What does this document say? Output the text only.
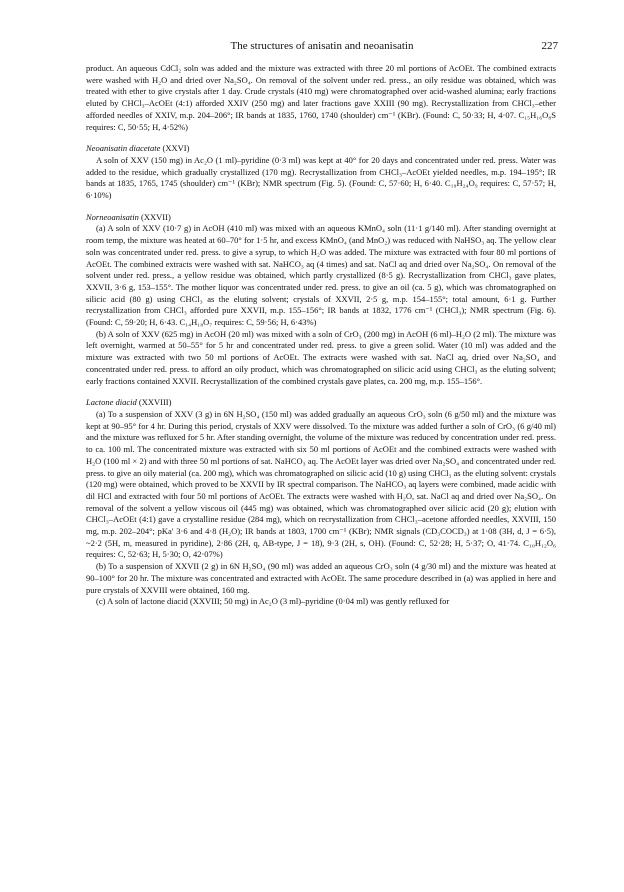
The structures of anisatin and neoanisatin	227

product. An aqueous CdCl₂ soln was added and the mixture was extracted with three 20 ml portions of AcOEt. The combined extracts were washed with H₂O and dried over Na₂SO₄. On removal of the solvent under red. press., an oily residue was obtained, which was treated with ether to give crystals after 1 day. Crude crystals (410 mg) were chromatographed over acid-washed alumina; early fractions eluted by CHCl₃–AcOEt (4:1) afforded XXIV (250 mg) and later fractions gave XXIII (90 mg). Recrystallization from CHCl₃–ether afforded needles of XXIV, m.p. 204–206°; IR bands at 1835, 1760, 1740 (shoulder) cm⁻¹ (KBr). (Found: C, 50·33; H, 4·07. C₁₅H₁₆O₈S requires: C, 50·55; H, 4·52%)

Neoanisatin diacetate (XXVI)

A soln of XXV (150 mg) in Ac₂O (1 ml)–pyridine (0·3 ml) was kept at 40° for 20 days and concentrated under red. press. Water was added to the residue, which gradually crystallized (170 mg). Recrystallization from CHCl₃–AcOEt yielded needles, m.p. 194–195°; IR bands at 1835, 1765, 1745 (shoulder) cm⁻¹ (KBr); NMR spectrum (Fig. 5). (Found: C, 57·60; H, 6·40. C₁₉H₂₄O₉ requires: C, 57·57; H, 6·10%)

Norneoanisatin (XXVII)

(a) A soln of XXV (10·7 g) in AcOH (410 ml) was mixed with an aqueous KMnO₄ soln (11·1 g/140 ml). After standing overnight at room temp, the mixture was heated at 60–70° for 1·5 hr, and excess KMnO₄ (and MnO₂) was reduced with NaHSO₃ aq. The yellow clear soln was concentrated under red. press. to give a syrup, to which H₂O was added. The mixture was extracted with four 80 ml portions of AcOEt. The combined extracts were washed with sat. NaHCO₃ aq (4 times) and sat. NaCl aq and dried over Na₂SO₄. On removal of the solvent under red. press., a yellow residue was obtained, which partly crystallized (8·5 g). Recrystallization from CHCl₃ gave plates, XXVII, 3·6 g, 153–155°. The mother liquor was concentrated under red. press. to give an oil (ca. 5 g), which was chromatographed on silicic acid (80 g) using CHCl₃ as the eluting solvent; crystals of XXVII, 2·5 g, m.p. 154–155°; total amount, 6·1 g. Further recrystallization from CHCl₃ afforded pure XXVII, m.p. 155–156°; IR bands at 1832, 1776 cm⁻¹ (CHCl₃); NMR spectrum (Fig. 6). (Found: C, 59·20; H, 6·43. C₁₄H₁₈O₇ requires: C, 59·56; H, 6·43%)

(b) A soln of XXV (625 mg) in AcOH (20 ml) was mixed with a soln of CrO₃ (200 mg) in AcOH (6 ml)–H₂O (2 ml). The mixture was left overnight, warmed at 50–55° for 5 hr and concentrated under red. press. to give a green solid. Water (10 ml) was added and the mixture was extracted with two 50 ml portions of AcOEt. The extracts were washed with sat. NaCl aq, dried over Na₂SO₄ and concentrated under red. press. to afford an oily product, which was chromatographed on silicic acid using CHCl₃ as the eluting solvent; early fractions contained XXVII. Recrystallization of the combined crystals gave plates, ca. 200 mg, m.p. 155–156°.

Lactone diacid (XXVIII)

(a) To a suspension of XXV (3 g) in 6N H₂SO₄ (150 ml) was added gradually an aqueous CrO₃ soln (6 g/50 ml) and the mixture was kept at 90–95° for 4 hr. During this period, crystals of XXV were dissolved. To the mixture was added further a soln of CrO₃ (6 g/40 ml) and the mixture was refluxed for 5 hr. After standing overnight, the volume of the mixture was reduced by concentration under red. press. to ca. 100 ml. The concentrated mixture was extracted with six 50 ml portions of AcOEt and the combined extracts were washed with H₂O (100 ml × 2) and with three 50 ml portions of sat. NaHCO₃ aq. The AcOEt layer was dried over Na₂SO₄ and concentrated under red. press. to give an oily material (ca. 200 mg), which was chromatographed on silicic acid (10 g) using CHCl₃ as the eluting solvent: crystals (120 mg) were obtained, which proved to be XXVII by IR spectral comparison. The NaHCO₃ aq layers were combined, made acidic with dil HCl and extracted with four 50 ml portions of AcOEt. The extracts were washed with H₂O, sat. NaCl aq and dried over Na₂SO₄. On removal of the solvent a yellow viscous oil (445 mg) was obtained, which was chromatographed over silicic acid (20 g); elution with CHCl₃–AcOEt (4:1) gave a crystalline residue (284 mg), which on recrystallization from CHCl₃–acetone afforded needles, XXVIII, 150 mg, m.p. 202–204°; pKa′ 3·6 and 4·8 (H₂O); IR bands at 1803, 1700 cm⁻¹ (KBr); NMR signals (CD₃COCD₃) at 1·08 (3H, d, J = 6·5), ~2·2 (5H, m, measured in pyridine), 2·86 (2H, q, AB-type, J = 18), 9·3 (2H, s, OH). (Found: C, 52·28; H, 5·37; O, 41·74. C₁₀H₁₂O₆ requires: C, 52·63; H, 5·30; O, 42·07%)

(b) To a suspension of XXVII (2 g) in 6N H₂SO₄ (90 ml) was added an aqueous CrO₃ soln (4 g/30 ml) and the mixture was heated at 90–100° for 20 hr. The mixture was concentrated and extracted with AcOEt. The same procedure described in (a) was applied in here and pure crystals of XXVIII were obtained, 160 mg.

(c) A soln of lactone diacid (XXVIII; 50 mg) in Ac₂O (3 ml)–pyridine (0·04 ml) was gently refluxed for
